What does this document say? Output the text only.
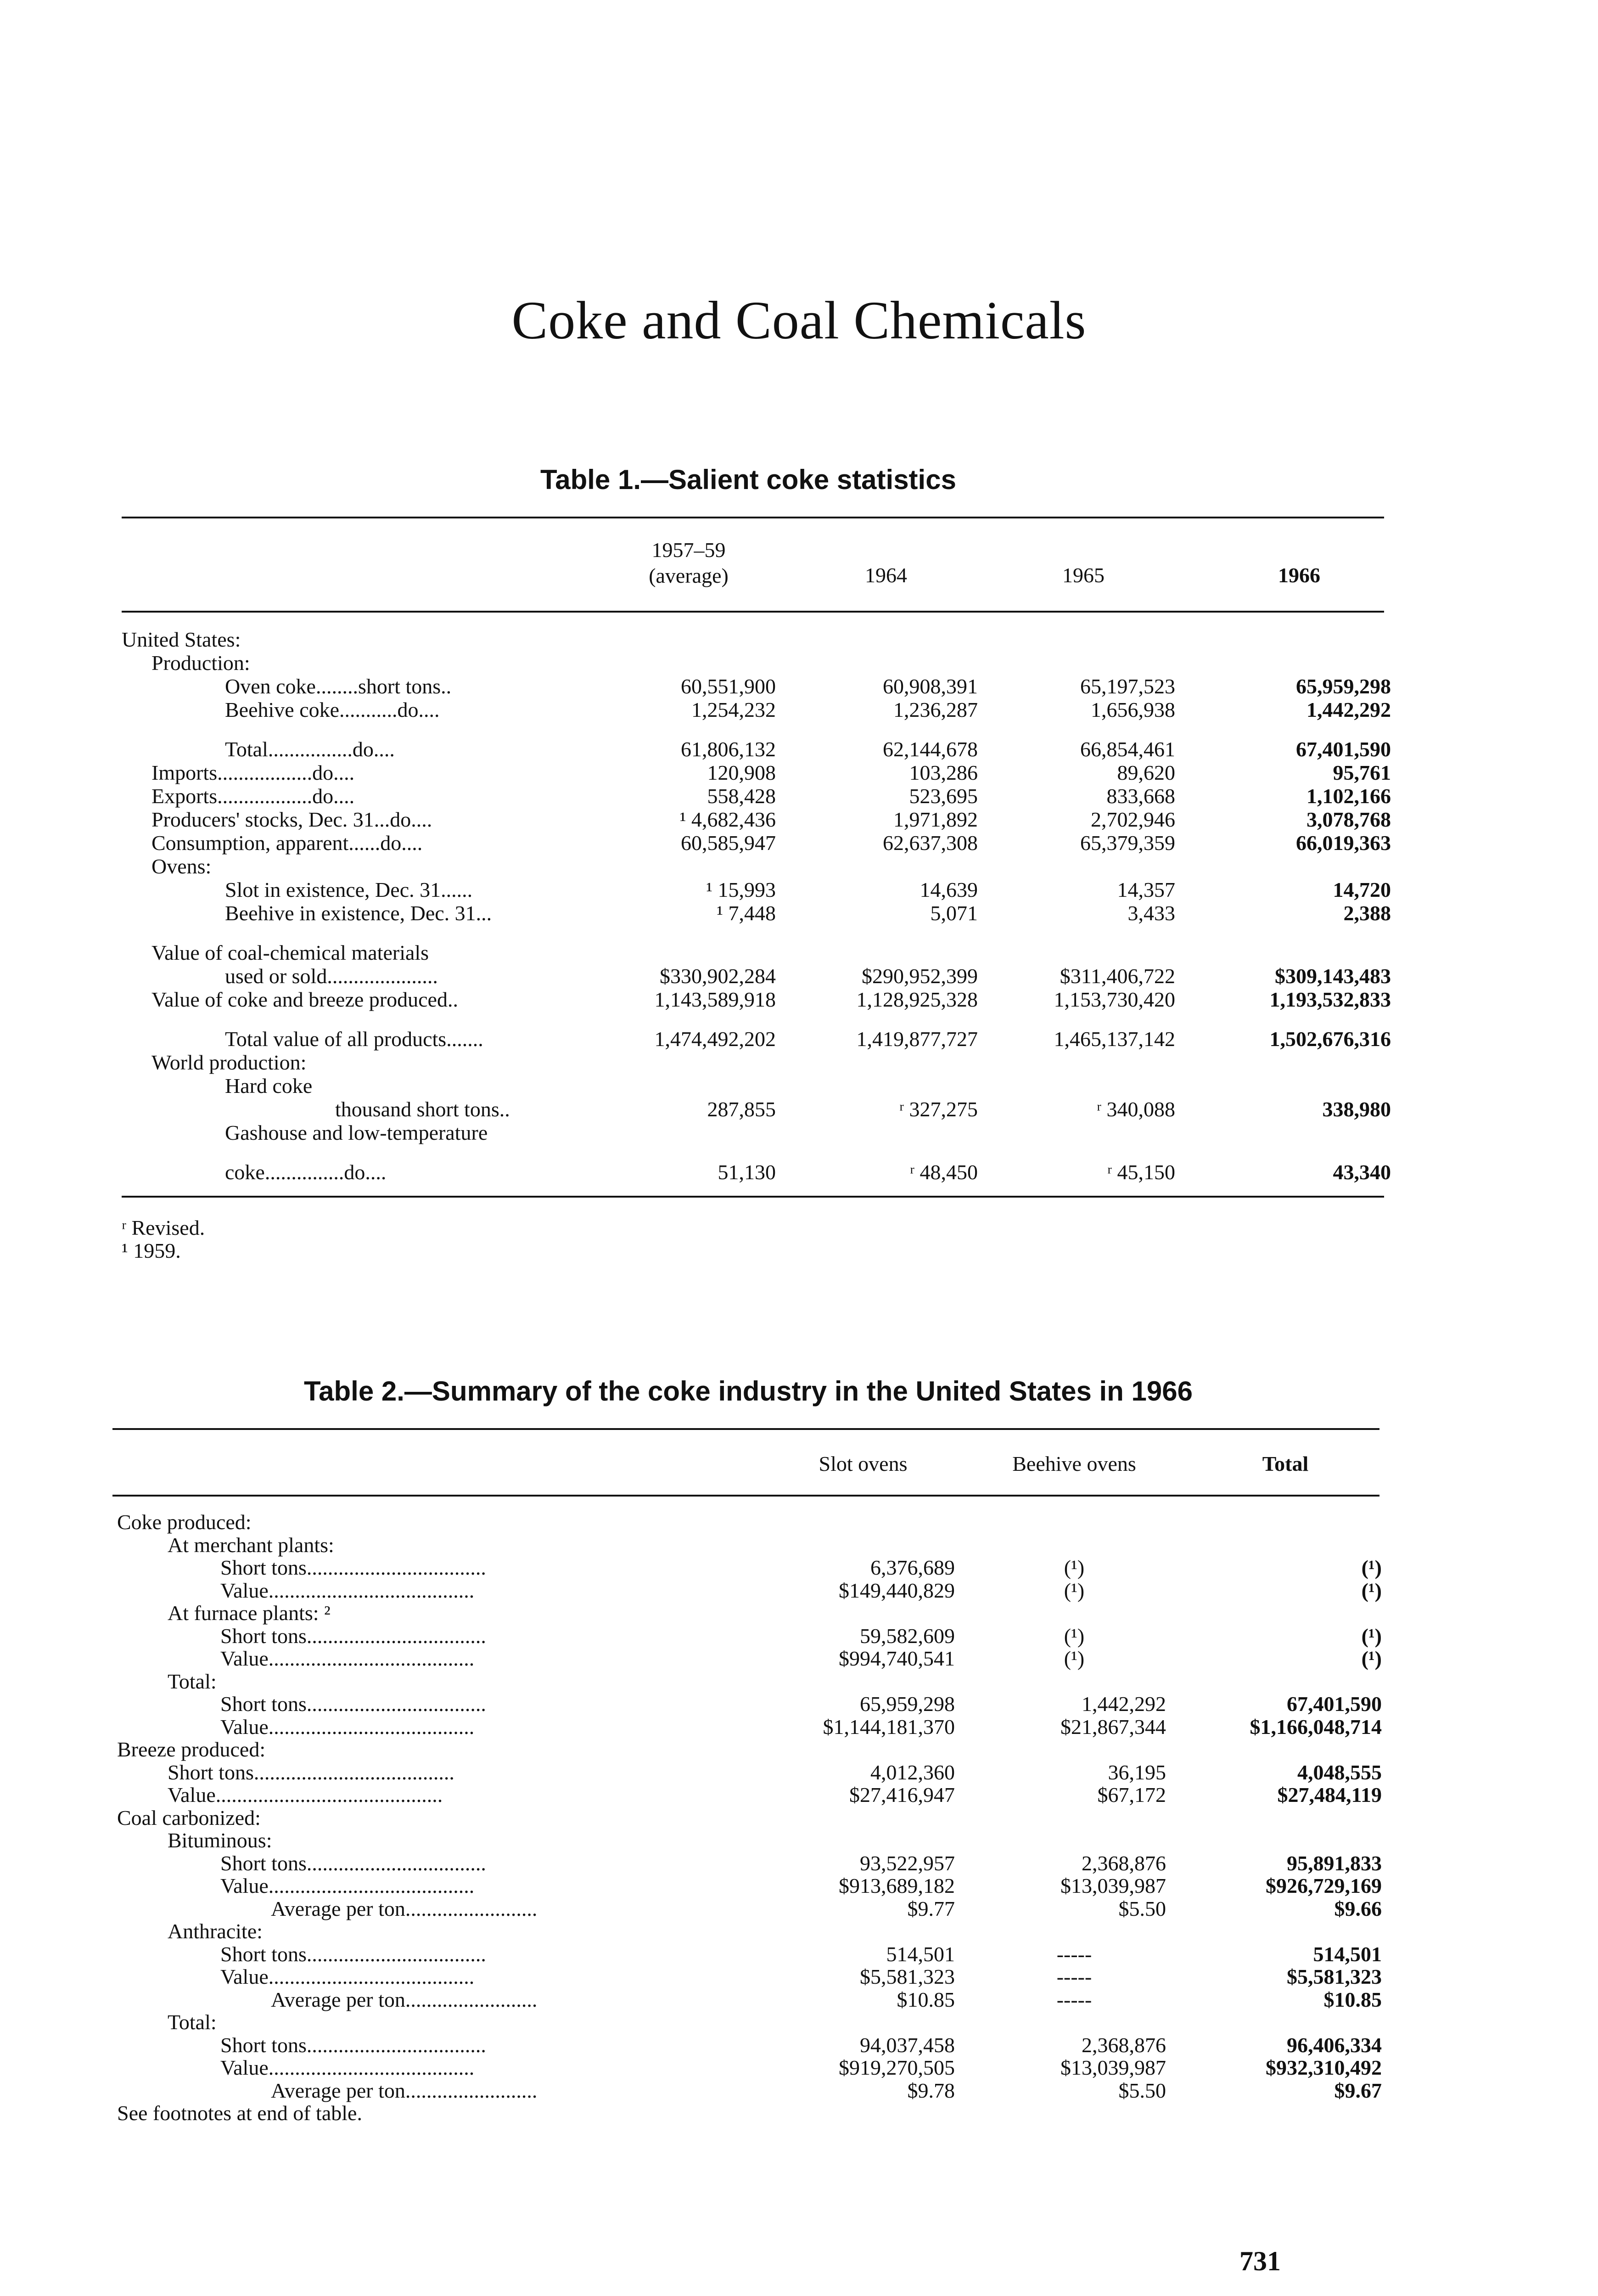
Coke and Coal Chemicals
Table 1.—Salient coke statistics
1957–59
(average)	1964	1965	1966
United States:
Production:
Oven coke........short tons..	60,551,900	60,908,391	65,197,523	65,959,298
Beehive coke...........do....	1,254,232	1,236,287	1,656,938	1,442,292
Total................do....	61,806,132	62,144,678	66,854,461	67,401,590
Imports..................do....	120,908	103,286	89,620	95,761
Exports..................do....	558,428	523,695	833,668	1,102,166
Producers' stocks, Dec. 31...do....	¹ 4,682,436	1,971,892	2,702,946	3,078,768
Consumption, apparent......do....	60,585,947	62,637,308	65,379,359	66,019,363
Ovens:
Slot in existence, Dec. 31......	¹ 15,993	14,639	14,357	14,720
Beehive in existence, Dec. 31...	¹ 7,448	5,071	3,433	2,388
Value of coal-chemical materials
used or sold.....................	$330,902,284	$290,952,399	$311,406,722	$309,143,483
Value of coke and breeze produced..	1,143,589,918	1,128,925,328	1,153,730,420	1,193,532,833
Total value of all products.......	1,474,492,202	1,419,877,727	1,465,137,142	1,502,676,316
World production:
Hard coke
thousand short tons..	287,855	ʳ 327,275	ʳ 340,088	338,980
Gashouse and low-temperature
coke...............do....	51,130	ʳ 48,450	ʳ 45,150	43,340
ʳ Revised.
¹ 1959.
Table 2.—Summary of the coke industry in the United States in 1966
Slot ovens	Beehive ovens	Total
Coke produced:
At merchant plants:
Short tons..................................	6,376,689	(¹)	(¹)
Value.......................................	$149,440,829	(¹)	(¹)
At furnace plants: ²
Short tons..................................	59,582,609	(¹)	(¹)
Value.......................................	$994,740,541	(¹)	(¹)
Total:
Short tons..................................	65,959,298	1,442,292	67,401,590
Value.......................................	$1,144,181,370	$21,867,344	$1,166,048,714
Breeze produced:
Short tons......................................	4,012,360	36,195	4,048,555
Value...........................................	$27,416,947	$67,172	$27,484,119
Coal carbonized:
Bituminous:
Short tons..................................	93,522,957	2,368,876	95,891,833
Value.......................................	$913,689,182	$13,039,987	$926,729,169
Average per ton.........................	$9.77	$5.50	$9.66
Anthracite:
Short tons..................................	514,501	-----	514,501
Value.......................................	$5,581,323	-----	$5,581,323
Average per ton.........................	$10.85	-----	$10.85
Total:
Short tons..................................	94,037,458	2,368,876	96,406,334
Value.......................................	$919,270,505	$13,039,987	$932,310,492
Average per ton.........................	$9.78	$5.50	$9.67
See footnotes at end of table.
731
